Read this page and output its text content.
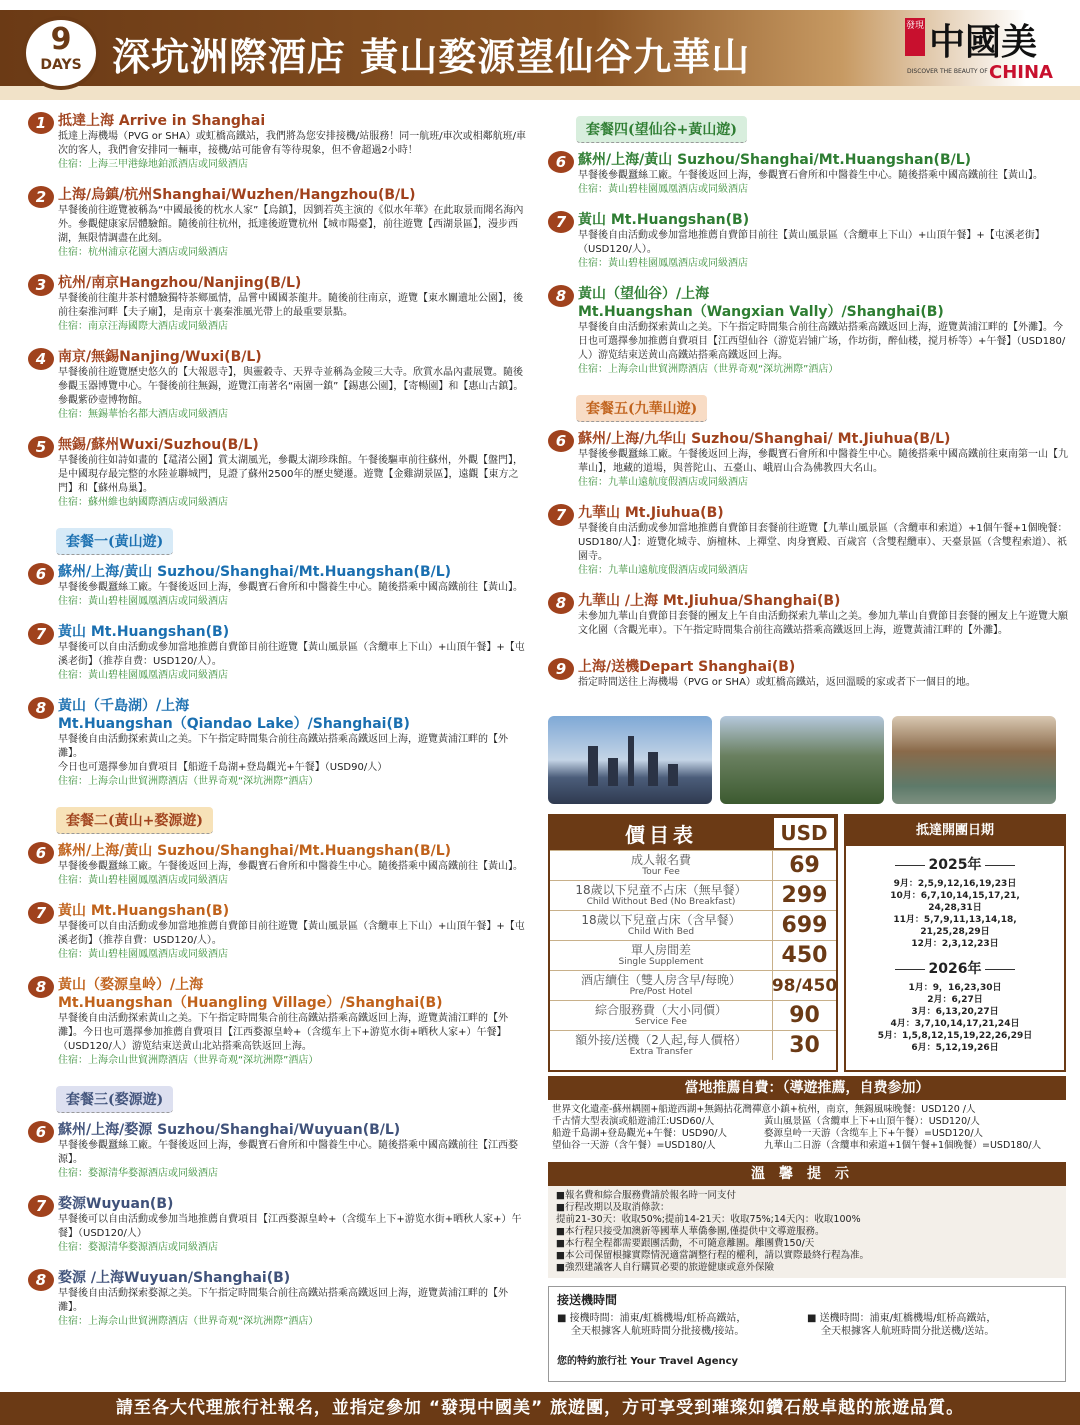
9
DAYS 深坑洲際酒店 黃山婺源望仙谷九華山
發現 中國美
DISCOVER THE BEAUTY OF CHINA
1 抵達上海 Arrive in Shanghai
抵達上海機場（PVG or SHA）或虹橋高鐵站，我們將為您安排接機/站服務！同一航班/車次或相鄰航班/車次的客人，我們會安排同一輛車，接機/站可能會有等待現象，但不會超過2小時！
住宿：上海三甲港綠地鉑派酒店或同級酒店
2 上海/烏鎮/杭州Shanghai/Wuzhen/Hangzhou(B/L)
早餐後前往遊覽被稱為“中國最後的枕水人家”【烏鎮】，因劉若英主演的《似水年華》在此取景而聞名海內外。參觀健康家居體驗館。隨後前往杭州，抵達後遊覽杭州【城市陽臺】，前往遊覽【西湖景區】，漫步西湖，無限情調盡在此刻。
住宿：杭州浦京花園大酒店或同級酒店
3 杭州/南京Hangzhou/Nanjing(B/L)
早餐後前往龍井茶村體驗獨特茶鄉風情，品嘗中國國茶龍井。隨後前往南京，遊覽【東水關遺址公園】，後前往秦淮河畔【夫子廟】，是南京十裏秦淮風光帶上的最重要景點。
住宿：南京汪海國際大酒店或同級酒店
4 南京/無錫Nanjing/Wuxi(B/L)
早餐後前往遊覽歷史悠久的【大報恩寺】，與靈穀寺、天界寺並稱為金陵三大寺。欣賞水晶內畫展覽。隨後參觀玉器博覽中心。午餐後前往無錫，遊覽江南著名“兩園一鎮”【錫惠公園】，【寄暢園】和【惠山古鎮】。參觀紫砂壺博物館。
住宿：無錫華怡名都大酒店或同級酒店
5 無錫/蘇州Wuxi/Suzhou(B/L)
早餐後前往如詩如畫的【鼋渚公園】賞太湖風光，參觀太湖珍珠館。午餐後驅車前往蘇州，外觀【盤門】，是中國現存最完整的水陸並聯城門，見證了蘇州2500年的歷史變遷。遊覽【金雞湖景區】，遠觀【東方之門】和【蘇州鳥巢】。
住宿：蘇州維也納國際酒店或同級酒店
套餐一(黃山遊)
6 蘇州/上海/黃山 Suzhou/Shanghai/Mt.Huangshan(B/L)
早餐後參觀蠶絲工廠。午餐後返回上海，參觀寶石會所和中醫養生中心。隨後搭乘中國高鐵前往【黃山】。
住宿：黃山碧桂園鳳凰酒店或同級酒店
7 黃山 Mt.Huangshan(B)
早餐後可以自由活動或參加當地推薦自費節目前往遊覽【黃山風景區（含纜車上下山）+山頂午餐】+【屯溪老街】（推荐自费：USD120/人）。
住宿：黃山碧桂園鳳凰酒店或同級酒店
8 黃山（千島湖）/上海
Mt.Huangshan（Qiandao Lake）/Shanghai(B)
早餐後自由活動探索黃山之美。下午指定時間集合前往高鐵站搭乘高鐵返回上海，遊覽黃浦江畔的【外灘】。
今日也可選擇參加自費項目【船遊千島湖+登島觀光+午餐】（USD90/人）
住宿：上海佘山世貿洲際酒店（世界奇观“深坑洲際”酒店）
套餐二(黃山+婺源遊)
6 蘇州/上海/黃山 Suzhou/Shanghai/Mt.Huangshan(B/L)
早餐後參觀蠶絲工廠。午餐後返回上海，參觀寶石會所和中醫養生中心。隨後搭乘中國高鐵前往【黃山】。
住宿：黃山碧桂園鳳凰酒店或同級酒店
7 黃山 Mt.Huangshan(B)
早餐後可以自由活動或參加當地推薦自費節目前往遊覽【黃山風景區（含纜車上下山）+山頂午餐】+【屯溪老街】（推荐自費：USD120/人）。
住宿：黃山碧桂園鳳凰酒店或同級酒店
8 黃山（婺源皇岭）/上海
Mt.Huangshan（Huangling Village）/Shanghai(B)
早餐後自由活動探索黃山之美。下午指定時間集合前往高鐵站搭乘高鐵返回上海，遊覽黃浦江畔的【外灘】。今日也可選擇參加推薦自費項目【江西婺源皇岭+（含缆车上下+游览水街+晒秋人家+）午餐】（USD120/人）游览结束送黄山北站搭乘高铁返回上海。
住宿：上海佘山世貿洲際酒店（世界奇观“深坑洲際”酒店）
套餐三(婺源遊)
6 蘇州/上海/婺源 Suzhou/Shanghai/Wuyuan(B/L)
早餐後參觀蠶絲工廠。午餐後返回上海，參觀寶石會所和中醫養生中心。隨後搭乘中國高鐵前往【江西婺源】。
住宿：婺源清华婺源酒店或同級酒店
7 婺源Wuyuan(B)
早餐後可以自由活動或參加当地推薦自費項目【江西婺源皇岭+（含缆车上下+游览水街+晒秋人家+）午餐】（USD120/人）
住宿：婺源清华婺源酒店或同級酒店
8 婺源 /上海Wuyuan/Shanghai(B)
早餐後自由活動探索婺源之美。下午指定時間集合前往高鐵站搭乘高鐵返回上海，遊覽黃浦江畔的【外灘】。
住宿：上海佘山世貿洲際酒店（世界奇观“深坑洲際”酒店）
套餐四(望仙谷+黃山遊)
6 蘇州/上海/黃山 Suzhou/Shanghai/Mt.Huangshan(B/L)
早餐後參觀蠶絲工廠。午餐後返回上海，參觀寶石會所和中醫養生中心。隨後搭乘中國高鐵前往【黃山】。
住宿：黃山碧桂園鳳凰酒店或同級酒店
7 黃山 Mt.Huangshan(B)
早餐後自由活動或參加當地推薦自費節目前往【黃山風景區（含纜車上下山）+山頂午餐】+【屯溪老街】（USD120/人）。
住宿：黃山碧桂園鳳凰酒店或同級酒店
8 黃山（望仙谷）/上海
Mt.Huangshan（Wangxian Vally）/Shanghai(B)
早餐後自由活動探索黃山之美。下午指定時間集合前往高鐵站搭乘高鐵返回上海，遊覽黃浦江畔的【外灘】。今日也可選擇參加推薦自費項目【江西望仙谷（游览岩铺广场，作坊街，醉仙楼，搅月桥等）+午餐】（USD180/人）游览结束送黄山高鐵站搭乘高鐵返回上海。
住宿：上海佘山世貿洲際酒店（世界奇观“深坑洲際”酒店）
套餐五(九華山遊)
6 蘇州/上海/九华山 Suzhou/Shanghai/ Mt.Jiuhua(B/L)
早餐後參觀蠶絲工廠。午餐後返回上海，參觀寶石會所和中醫養生中心。隨後搭乘中國高鐵前往東南第一山【九華山】，地藏的道場，與普陀山、五臺山、峨眉山合為佛教四大名山。
住宿：九華山遠航度假酒店或同級酒店
7 九華山 Mt.Jiuhua(B)
早餐後自由活動或參加當地推薦自費節目套餐前往遊覽【九華山風景區（含纜車和索道）+1個午餐+1個晚餐：USD180/人】：遊覽化城寺、旃檀林、上禪堂、肉身寶殿、百歲宮（含雙程纜車）、天臺景區（含雙程索道）、祇園寺。
住宿：九華山遠航度假酒店或同級酒店
8 九華山 /上海 Mt.Jiuhua/Shanghai(B)
未參加九華山自費節目套餐的團友上午自由活動探索九華山之美。參加九華山自費節目套餐的團友上午遊覽大願文化園（含觀光車）。下午指定時間集合前往高鐵站搭乘高鐵返回上海，遊覽黃浦江畔的【外灘】。
9 上海/送機Depart Shanghai(B)
指定時間送往上海機場（PVG or SHA）或虹橋高鐵站，返回溫暖的家或者下一個目的地。
價目表	USD
成人報名費
Tour Fee	69
18歲以下兒童不占床（無早餐）
Child Without Bed (No Breakfast)	299
18歲以下兒童占床（含早餐）
Child With Bed	699
單人房間差
Single Supplement	450
酒店續住（雙人房含早/每晚）
Pre/Post Hotel	98/450
綜合服務費（大小同價）
Service Fee	90
額外接/送機（2人起,每人價格）
Extra Transfer	30
抵達開團日期
2025年
9月：2,5,9,12,16,19,23日
10月：6,7,10,14,15,17,21,
24,28,31日
11月：5,7,9,11,13,14,18,
21,25,28,29日
12月：2,3,12,23日
2026年
1月：9，16,23,30日
2月：6,27日
3月：6,13,20,27日
4月：3,7,10,14,17,21,24日
5月：1,5,8,12,15,19,22,26,29日
6月：5,12,19,26日
當地推薦自費：（導遊推薦，自费参加）
世界文化遺產-蘇州耦園+船遊西湖+無錫拈花灣禪意小鎮+杭州，南京，無錫風味晚餐：USD120 /人
千古情大型表演或船遊浦江:USD60/人	黃山風景區（含纜車上下+山頂午餐）：USD120/人
船遊千島湖+登島觀光+午餐：USD90/人	婺源皇岭一天游（含缆车上下+午餐）=USD120/人
望仙谷一天游（含午餐）=USD180/人	九華山二日游（含纜車和索道+1個午餐+1個晚餐）=USD180/人
溫馨提示
■報名費和綜合服務費請於報名時一同支付
■行程改期以及取消條款：
提前21-30天：收取50%;提前14-21天：收取75%;14天內：收取100%
■本行程只接受加澳新等國華人華僑參團,僅提供中文導遊服務。
■本行程全程都需要跟團活動，不可隨意離團。離團費150/天
■本公司保留根據實際情況適當調整行程的權利，請以實際最終行程為准。
■強烈建議客人自行購買必要的旅遊健康或意外保險
接送機時間
■ 接機時間：浦東/虹橋機場/虹桥高鐵站，	■ 送機時間：浦東/虹橋機場/虹桥高鐵站，
全天根據客人航班時間分批接機/接站。	全天根據客人航班時間分批送機/送站。
您的特約旅行社 Your Travel Agency
請至各大代理旅行社報名，並指定參加 “發現中國美” 旅遊團，方可享受到璀璨如鑽石般卓越的旅遊品質。
